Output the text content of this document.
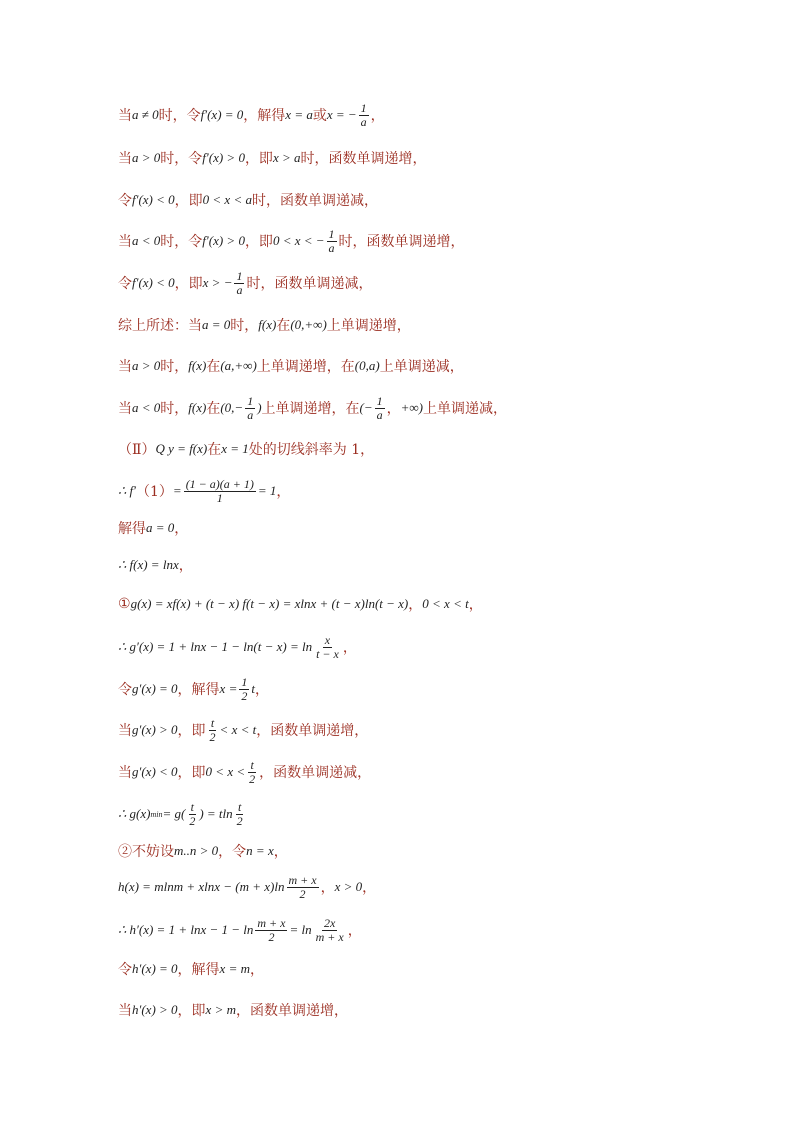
当 a ≠ 0 时，令 f′(x) = 0 ，解得 x = a 或 x = − $\frac{1}{a}$ ，
当 a > 0 时，令 f′(x) > 0 ，即 x > a 时，函数单调递增，
令 f′(x) < 0 ，即 0 < x < a 时，函数单调递减，
当 a < 0 时，令 f′(x) > 0 ，即 0 < x < − $\frac{1}{a}$ 时，函数单调递增，
令 f′(x) < 0 ，即 x > − $\frac{1}{a}$ 时，函数单调递减，
综上所述：当 a = 0 时， f(x) 在 (0,+∞) 上单调递增，
当 a > 0 时， f(x) 在 (a,+∞) 上单调递增，在 (0,a) 上单调递减，
当 a < 0 时， f(x) 在 ($0,- \frac{1}{a}$ ) 上单调递增，在 (− $\frac{1}{a}$ ， +∞) 上单调递减，
（Ⅱ） Q y = f(x) 在 x = 1 处的切线斜率为 1，
∴ f′ $(1) = \frac{(1 - a)(a + 1)}{1} = 1$ ，
解得 a = 0 ，
∴ f(x) = lnx ，
① g(x) = xf(x) + (t − x) f(t − x) = xlnx + (t − x)ln(t − x) ， 0 < x < t ，
∴ $g'(x) = 1 + \ln x - 1 - \ln(t - x) = \ln \frac{x}{t - x}$ ，
令 g′(x) = 0 ，解得 $x = \frac{1}{2}$ t ，
当 g′(x) > 0 ，即 $\frac{t}{2} < x < t$ ，函数单调递增，
当 g′(x) < 0 ，即 $0 < x < \frac{t}{2}$ ，函数单调递减，
∴ g(x) $\min = g( \frac{t}{2}$ ) = tln $\frac{t}{2}$
②不妨设 m..n > 0 ，令 n = x ，
$h(x) = mlnm + xlnx - (m + x)\ln \frac{m + x}{2}$ ， x > 0 ，
∴ $h'(x) = 1 + \ln x - 1 - \ln \frac{m + x}{2} = \ln \frac{2x}{m + x}$ ，
令 h′(x) = 0 ，解得 x = m ，
当 h′(x) > 0 ，即 x > m ，函数单调递增，
